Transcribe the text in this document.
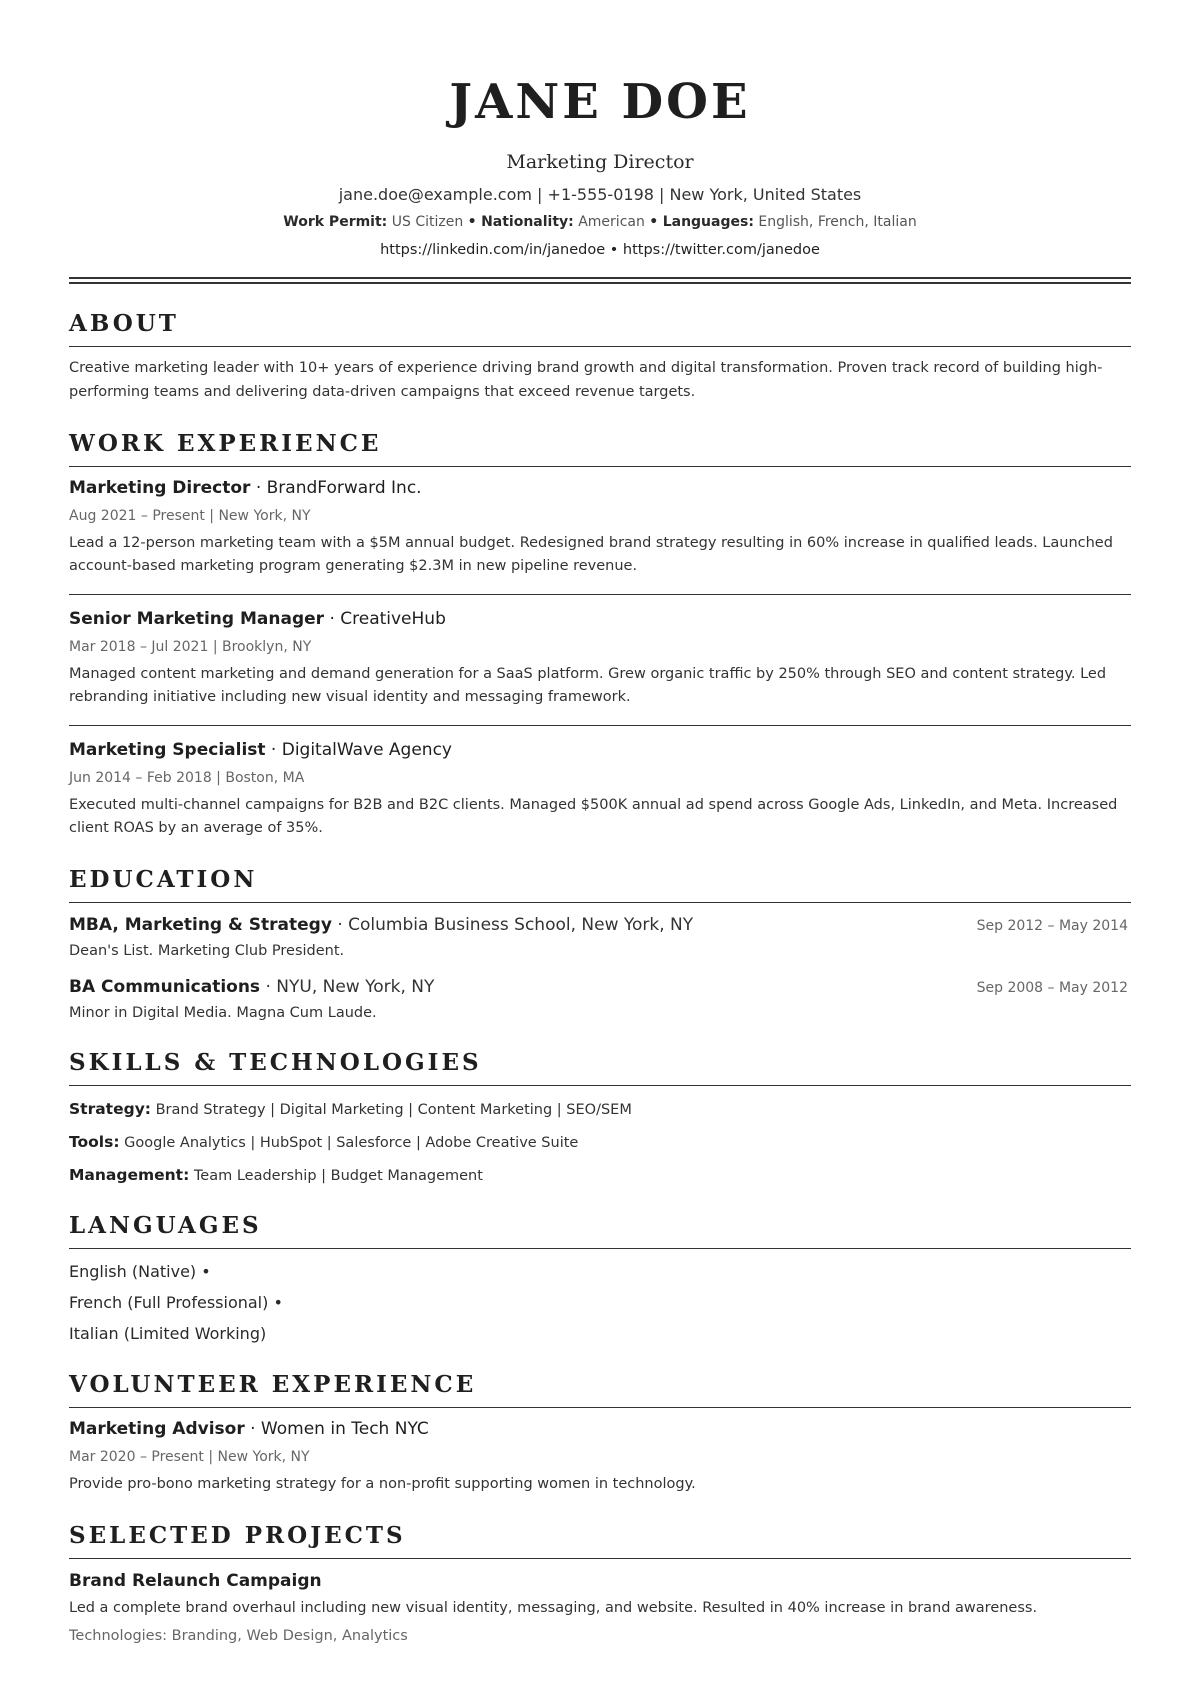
JANE DOE
Marketing Director
jane.doe@example.com | +1-555-0198 | New York, United States
Work Permit: US Citizen • Nationality: American • Languages: English, French, Italian
https://linkedin.com/in/janedoe • https://twitter.com/janedoe
ABOUT
Creative marketing leader with 10+ years of experience driving brand growth and digital transformation. Proven track record of building high-performing teams and delivering data-driven campaigns that exceed revenue targets.
WORK EXPERIENCE
Marketing Director · BrandForward Inc.
Aug 2021 – Present | New York, NY
Lead a 12-person marketing team with a $5M annual budget. Redesigned brand strategy resulting in 60% increase in qualified leads. Launched account-based marketing program generating $2.3M in new pipeline revenue.
Senior Marketing Manager · CreativeHub
Mar 2018 – Jul 2021 | Brooklyn, NY
Managed content marketing and demand generation for a SaaS platform. Grew organic traffic by 250% through SEO and content strategy. Led rebranding initiative including new visual identity and messaging framework.
Marketing Specialist · DigitalWave Agency
Jun 2014 – Feb 2018 | Boston, MA
Executed multi-channel campaigns for B2B and B2C clients. Managed $500K annual ad spend across Google Ads, LinkedIn, and Meta. Increased client ROAS by an average of 35%.
EDUCATION
MBA, Marketing & Strategy · Columbia Business School, New York, NY	Sep 2012 – May 2014
Dean's List. Marketing Club President.
BA Communications · NYU, New York, NY	Sep 2008 – May 2012
Minor in Digital Media. Magna Cum Laude.
SKILLS & TECHNOLOGIES
Strategy: Brand Strategy | Digital Marketing | Content Marketing | SEO/SEM
Tools: Google Analytics | HubSpot | Salesforce | Adobe Creative Suite
Management: Team Leadership | Budget Management
LANGUAGES
English (Native) •
French (Full Professional) •
Italian (Limited Working)
VOLUNTEER EXPERIENCE
Marketing Advisor · Women in Tech NYC
Mar 2020 – Present | New York, NY
Provide pro-bono marketing strategy for a non-profit supporting women in technology.
SELECTED PROJECTS
Brand Relaunch Campaign
Led a complete brand overhaul including new visual identity, messaging, and website. Resulted in 40% increase in brand awareness.
Technologies: Branding, Web Design, Analytics
